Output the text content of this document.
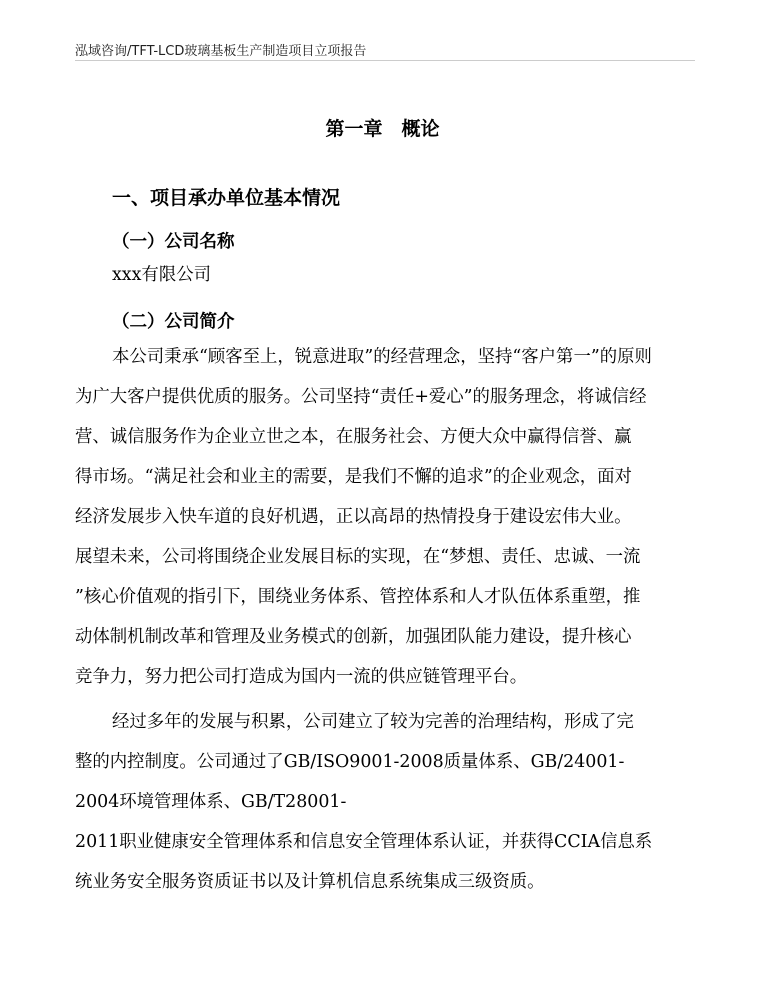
泓域咨询/TFT-LCD玻璃基板生产制造项目立项报告
第一章　概论
一、项目承办单位基本情况
（一）公司名称
xxx有限公司
（二）公司简介
本公司秉承“顾客至上，锐意进取”的经营理念，坚持“客户第一”的原则
为广大客户提供优质的服务。公司坚持“责任+爱心”的服务理念，将诚信经
营、诚信服务作为企业立世之本，在服务社会、方便大众中赢得信誉、赢
得市场。“满足社会和业主的需要，是我们不懈的追求”的企业观念，面对
经济发展步入快车道的良好机遇，正以高昂的热情投身于建设宏伟大业。
展望未来，公司将围绕企业发展目标的实现，在“梦想、责任、忠诚、一流
”核心价值观的指引下，围绕业务体系、管控体系和人才队伍体系重塑，推
动体制机制改革和管理及业务模式的创新，加强团队能力建设，提升核心
竞争力，努力把公司打造成为国内一流的供应链管理平台。
经过多年的发展与积累，公司建立了较为完善的治理结构，形成了完
整的内控制度。公司通过了GB/ISO9001-2008质量体系、GB/24001-
2004环境管理体系、GB/T28001-
2011职业健康安全管理体系和信息安全管理体系认证，并获得CCIA信息系
统业务安全服务资质证书以及计算机信息系统集成三级资质。
